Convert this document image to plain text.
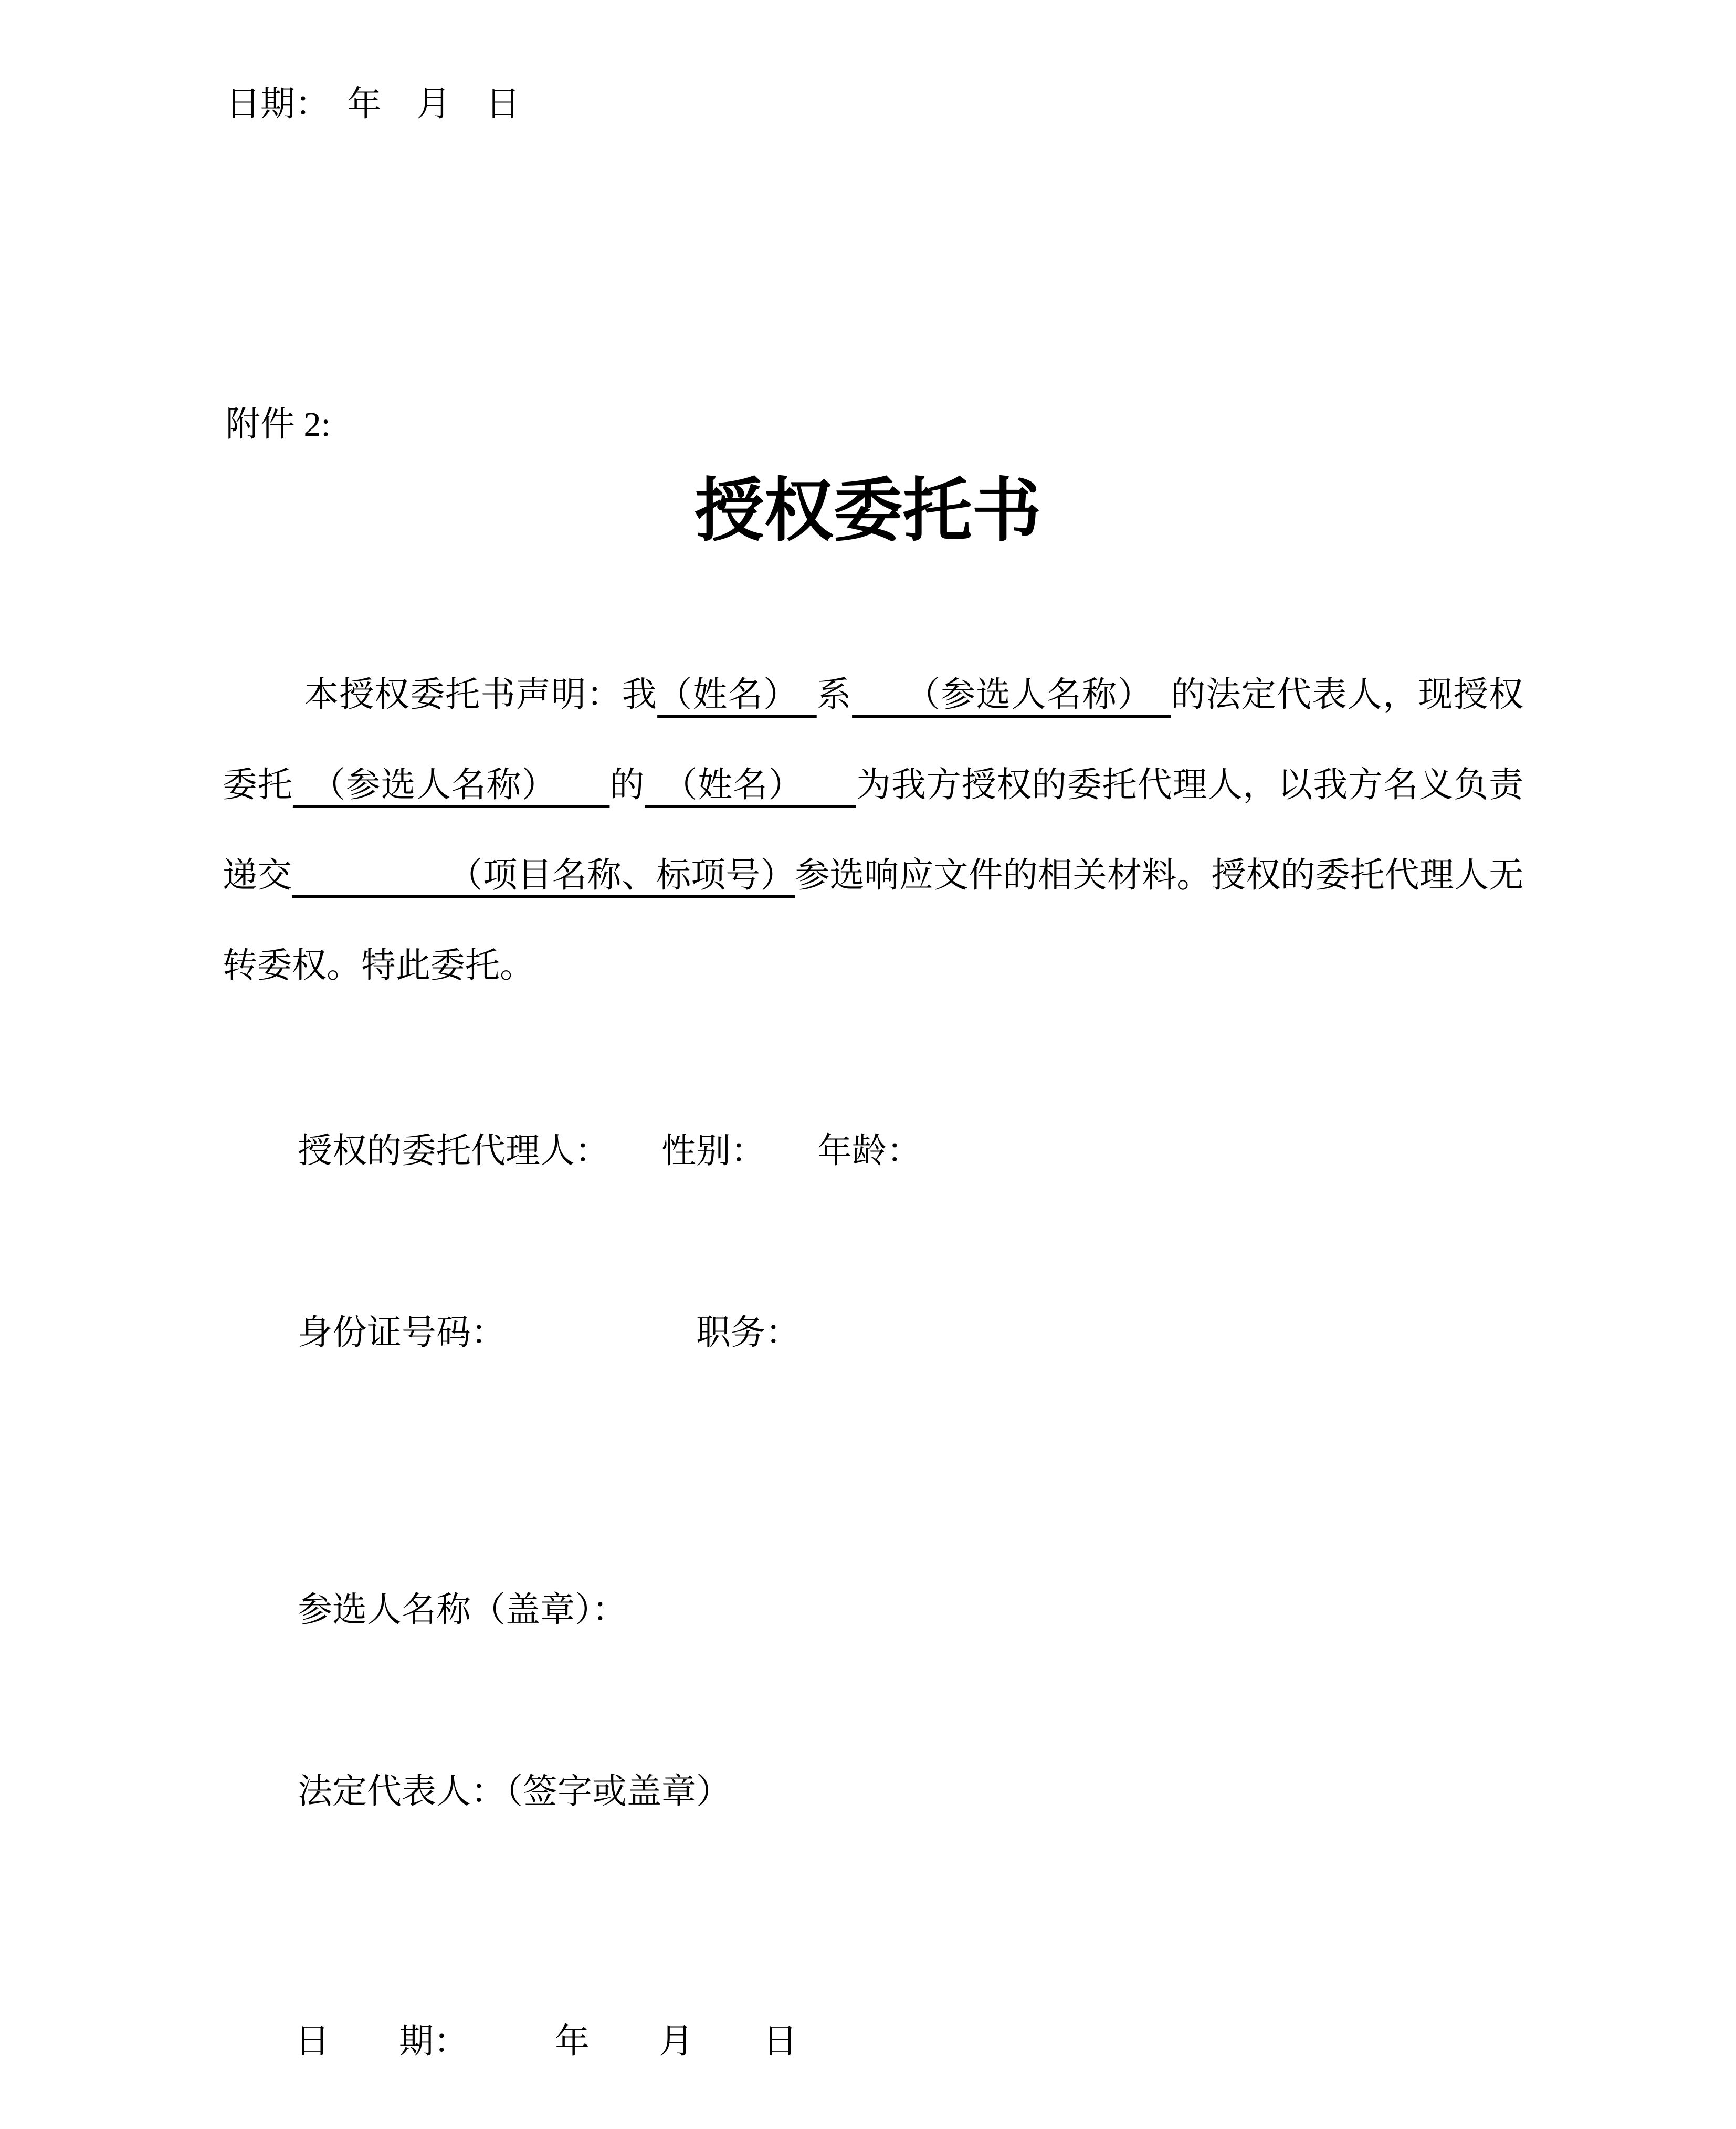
日期：　年　月　日
附件 2:
授权委托书
本授权委托书声明：我（姓名）　系　　（参选人名称）　的法定代表人，现授权委托　（参选人名称）　　的　（姓名）　　为我方授权的委托代理人，以我方名义负责递交　　　　　（项目名称、标项号）参选响应文件的相关材料。授权的委托代理人无转委权。特此委托。
授权的委托代理人：　　性别：　　年龄：
身份证号码：　　　　　　职务：
参选人名称（盖章）：
法定代表人：（签字或盖章）
日　　期：　　　年　　月　　日
